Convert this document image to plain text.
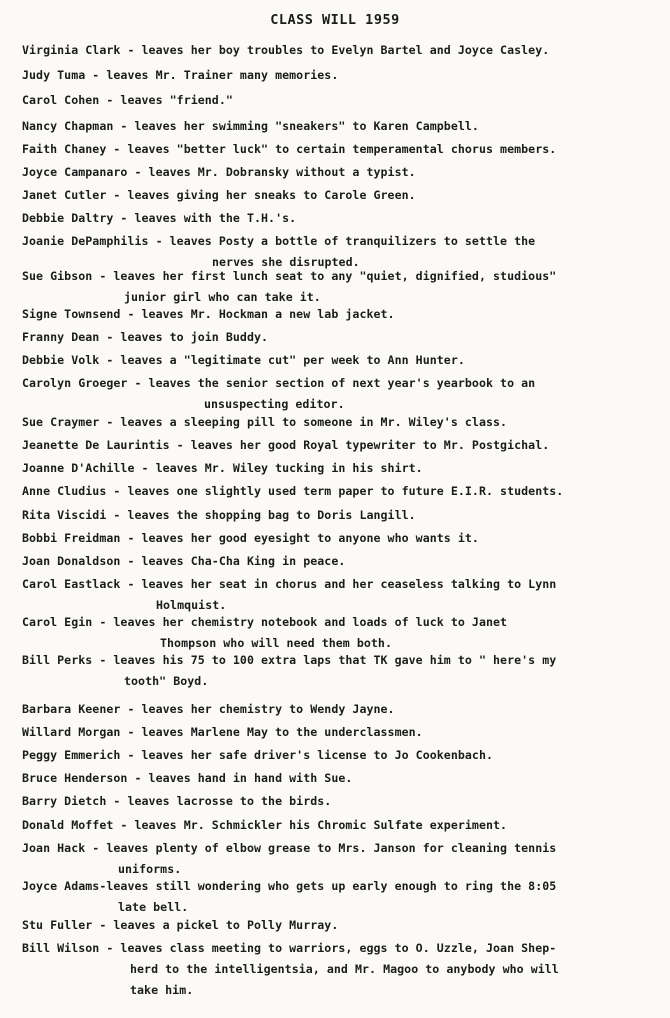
CLASS WILL 1959
Virginia Clark - leaves her boy troubles to Evelyn Bartel and Joyce Casley.
Judy Tuma - leaves Mr. Trainer many memories.
Carol Cohen - leaves "friend."
Nancy Chapman - leaves her swimming "sneakers" to Karen Campbell.
Faith Chaney - leaves "better luck" to certain temperamental chorus members.
Joyce Campanaro - leaves Mr. Dobransky without a typist.
Janet Cutler - leaves giving her sneaks to Carole Green.
Debbie Daltry - leaves with the T.H.'s.
Joanie DePamphilis - leaves Posty a bottle of tranquilizers to settle the
nerves she disrupted.
Sue Gibson - leaves her first lunch seat to any "quiet, dignified, studious"
junior girl who can take it.
Signe Townsend - leaves Mr. Hockman a new lab jacket.
Franny Dean - leaves to join Buddy.
Debbie Volk - leaves a "legitimate cut" per week to Ann Hunter.
Carolyn Groeger - leaves the senior section of next year's yearbook to an
unsuspecting editor.
Sue Craymer - leaves a sleeping pill to someone in Mr. Wiley's class.
Jeanette De Laurintis - leaves her good Royal typewriter to Mr. Postgichal.
Joanne D'Achille - leaves Mr. Wiley tucking in his shirt.
Anne Cludius - leaves one slightly used term paper to future E.I.R. students.
Rita Viscidi - leaves the shopping bag to Doris Langill.
Bobbi Freidman - leaves her good eyesight to anyone who wants it.
Joan Donaldson - leaves Cha-Cha King in peace.
Carol Eastlack - leaves her seat in chorus and her ceaseless talking to Lynn
Holmquist.
Carol Egin - leaves her chemistry notebook and loads of luck to Janet
Thompson who will need them both.
Bill Perks - leaves his 75 to 100 extra laps that TK gave him to " here's my
tooth" Boyd.
Barbara Keener - leaves her chemistry to Wendy Jayne.
Willard Morgan - leaves Marlene May to the underclassmen.
Peggy Emmerich - leaves her safe driver's license to Jo Cookenbach.
Bruce Henderson - leaves hand in hand with Sue.
Barry Dietch - leaves lacrosse to the birds.
Donald Moffet - leaves Mr. Schmickler his Chromic Sulfate experiment.
Joan Hack - leaves plenty of elbow grease to Mrs. Janson for cleaning tennis
uniforms.
Joyce Adams-leaves still wondering who gets up early enough to ring the 8:05
late bell.
Stu Fuller - leaves a pickel to Polly Murray.
Bill Wilson - leaves class meeting to warriors, eggs to O. Uzzle, Joan Shep-
herd to the intelligentsia, and Mr. Magoo to anybody who will
take him.
